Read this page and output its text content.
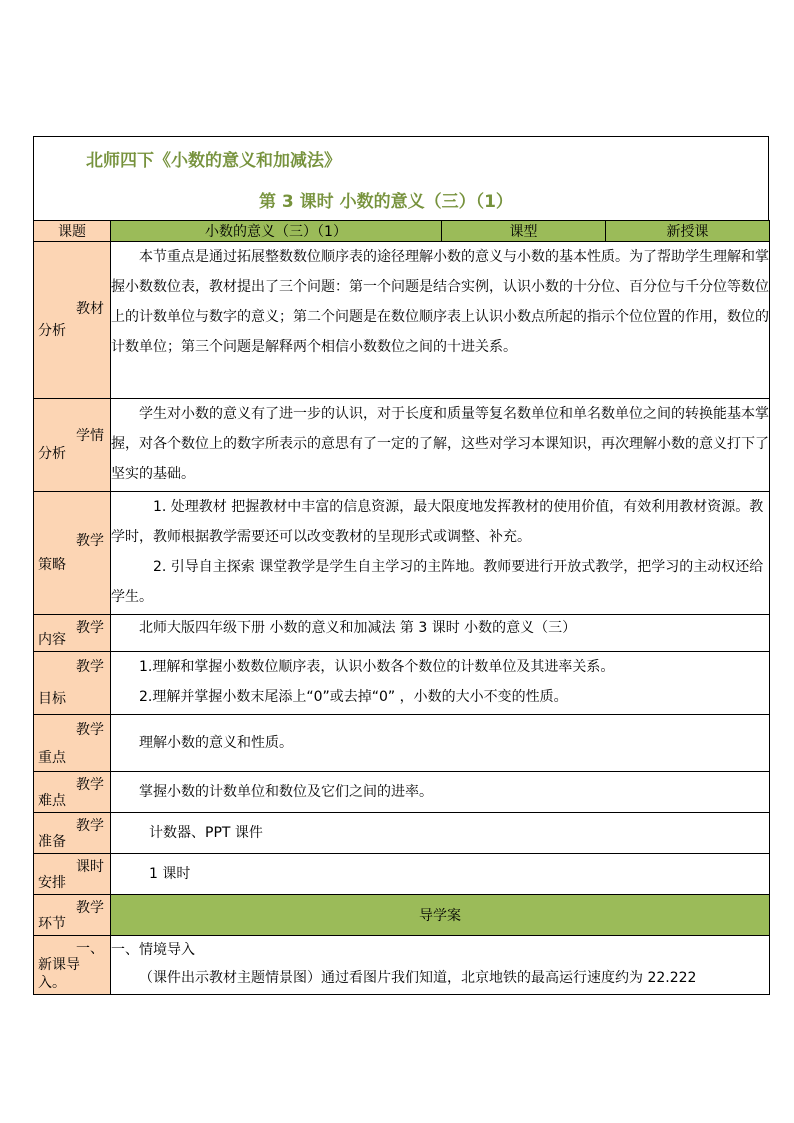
北师四下《小数的意义和加减法》
第 3 课时 小数的意义（三）（1）
课题	小数的意义（三）（1）	课型	新授课

教材
分析	本节重点是通过拓展整数数位顺序表的途径理解小数的意义与小数的基本性质。为了帮助学生理解和掌握小数数位表，教材提出了三个问题：第一个问题是结合实例，认识小数的十分位、百分位与千分位等数位上的计数单位与数字的意义；第二个问题是在数位顺序表上认识小数点所起的指示个位位置的作用，数位的计数单位；第三个问题是解释两个相信小数数位之间的十进关系。		

学情
分析	学生对小数的意义有了进一步的认识，对于长度和质量等复名数单位和单名数单位之间的转换能基本掌握，对各个数位上的数字所表示的意思有了一定的了解，这些对学习本课知识，再次理解小数的意义打下了坚实的基础。		

教学
策略	1. 处理教材 把握教材中丰富的信息资源，最大限度地发挥教材的使用价值，有效利用教材资源。教学时，教师根据教学需要还可以改变教材的呈现形式或调整、补充。
2. 引导自主探索 课堂教学是学生自主学习的主阵地。教师要进行开放式教学，把学习的主动权还给学生。		

教学
内容	北师大版四年级下册 小数的意义和加减法 第 3 课时 小数的意义（三）		

教学
目标	1.理解和掌握小数数位顺序表，认识小数各个数位的计数单位及其进率关系。
2.理解并掌握小数末尾添上“0”或去掉“0” ，小数的大小不变的性质。		

教学
重点	理解小数的意义和性质。		

教学
难点	掌握小数的计数单位和数位及它们之间的进率。		

教学
准备	计数器、PPT 课件		

课时
安排	1 课时		

教学
环节	导学案		

一、
新课导
入。	一、情境导入
（课件出示教材主题情景图）通过看图片我们知道，北京地铁的最高运行速度约为 22.222		
